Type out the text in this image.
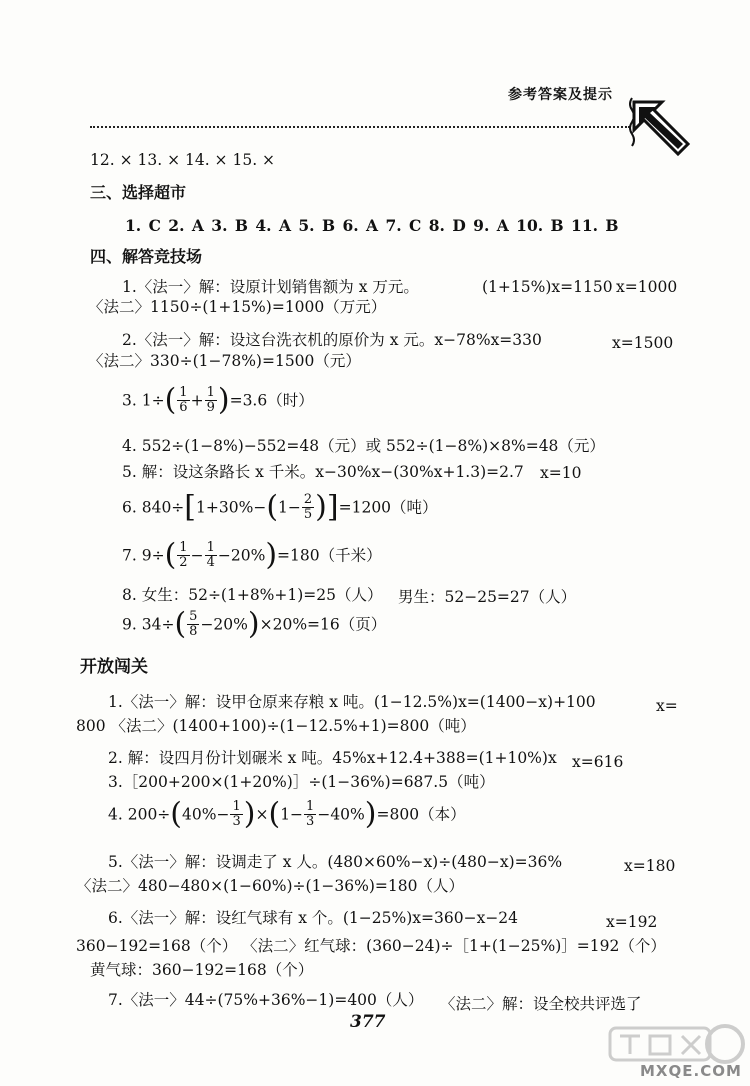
参考答案及提示
12. × 13. × 14. × 15. ×
三、选择超市
1. C 2. A 3. B 4. A 5. B 6. A 7. C 8. D 9. A 10. B 11. B
四、解答竞技场
1.〈法一〉解：设原计划销售额为 x 万元。	(1+15%)x=1150 x=1000
〈法二〉1150÷(1+15%)=1000（万元）
2.〈法一〉解：设这台洗衣机的原价为 x 元。x−78%x=330	x=1500
〈法二〉330÷(1−78%)=1500（元）
3. $1\div( \frac{1}{6} + \frac{1}{9} )=3.6$（时）
4. 552÷(1−8%)−552=48（元）或 552÷(1−8%)×8%=48（元）
5. 解：设这条路长 x 千米。x−30%x−(30%x+1.3)=2.7 x=10
6. $840\div[1+30\%-(1- \frac{2}{5} )]=1200$（吨）
7. $9\div( \frac{1}{2} - \frac{1}{4} -20\%)=180$（千米）
8. 女生：52÷(1+8%+1)=25（人） 男生：52−25=27（人）
9. $34\div( \frac{5}{8} -20\%)\times 20\%=16$（页）
开放闯关
1.〈法一〉解：设甲仓原来存粮 x 吨。(1−12.5%)x=(1400−x)+100	x=
800 〈法二〉(1400+100)÷(1−12.5%+1)=800（吨）
2. 解：设四月份计划碾米 x 吨。45%x+12.4+388=(1+10%)x x=616
3.［200+200×(1+20%)］÷(1−36%)=687.5（吨）
4. $200\div(40\%- \frac{1}{3} )\times(1- \frac{1}{3} -40\%)=800$（本）
5.〈法一〉解：设调走了 x 人。(480×60%−x)÷(480−x)=36%	x=180
〈法二〉480−480×(1−60%)÷(1−36%)=180（人）
6.〈法一〉解：设红气球有 x 个。(1−25%)x=360−x−24	x=192
360−192=168（个） 〈法二〉红气球：(360−24)÷［1+(1−25%)］=192（个）
黄气球：360−192=168（个）
7.〈法一〉44÷(75%+36%−1)=400（人） 〈法二〉解：设全校共评选了
377
MXQE.COM
